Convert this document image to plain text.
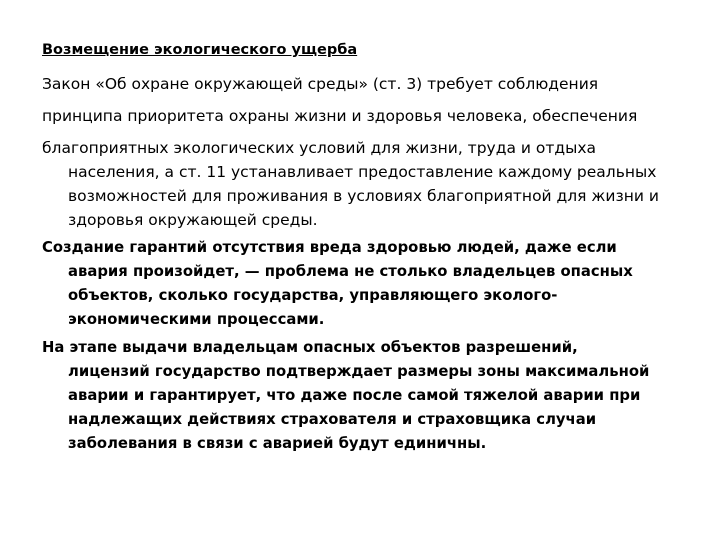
Возмещение экологического ущерба
Закон «Об охране окружающей среды» (ст. 3) требует соблюдения
принципа приоритета охраны жизни и здоровья человека, обеспечения
благоприятных экологических условий для жизни, труда и отдыха
населения, а ст. 11 устанавливает предоставление каждому реальных возможностей для проживания в условиях благоприятной для жизни и здоровья окружающей среды.
Создание гарантий отсутствия вреда здоровью людей, даже если
авария произойдет, — проблема не столько владельцев опасных объектов, сколько государства, управляющего эколого-экономическими процессами.
На этапе выдачи владельцам опасных объектов разрешений,
лицензий государство подтверждает размеры зоны максимальной аварии и гарантирует, что даже после самой тяжелой аварии при надлежащих действиях страхователя и страховщика случаи заболевания в связи с аварией будут единичны.
